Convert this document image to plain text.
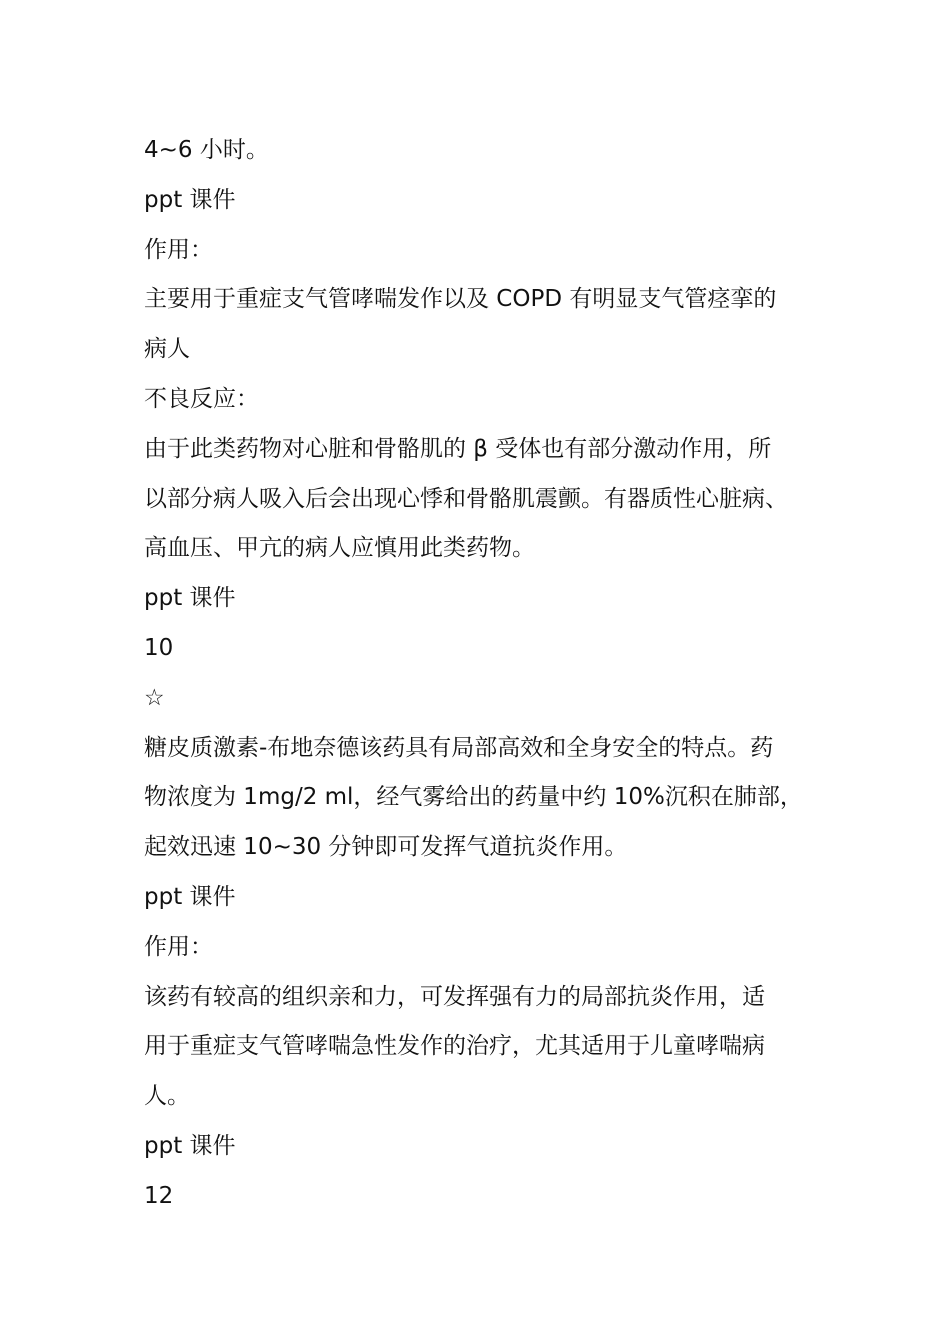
4~6 小时。
ppt 课件
作用：
主要用于重症支气管哮喘发作以及 COPD 有明显支气管痉挛的
病人
不良反应：
由于此类药物对心脏和骨骼肌的 β 受体也有部分激动作用，所
以部分病人吸入后会出现心悸和骨骼肌震颤。有器质性心脏病、
高血压、甲亢的病人应慎用此类药物。
ppt 课件
10
☆
糖皮质激素-布地奈德该药具有局部高效和全身安全的特点。药
物浓度为 1mg/2 ml，经气雾给出的药量中约 10%沉积在肺部，
起效迅速 10~30 分钟即可发挥气道抗炎作用。
ppt 课件
作用：
该药有较高的组织亲和力，可发挥强有力的局部抗炎作用，适
用于重症支气管哮喘急性发作的治疗，尤其适用于儿童哮喘病
人。
ppt 课件
12
